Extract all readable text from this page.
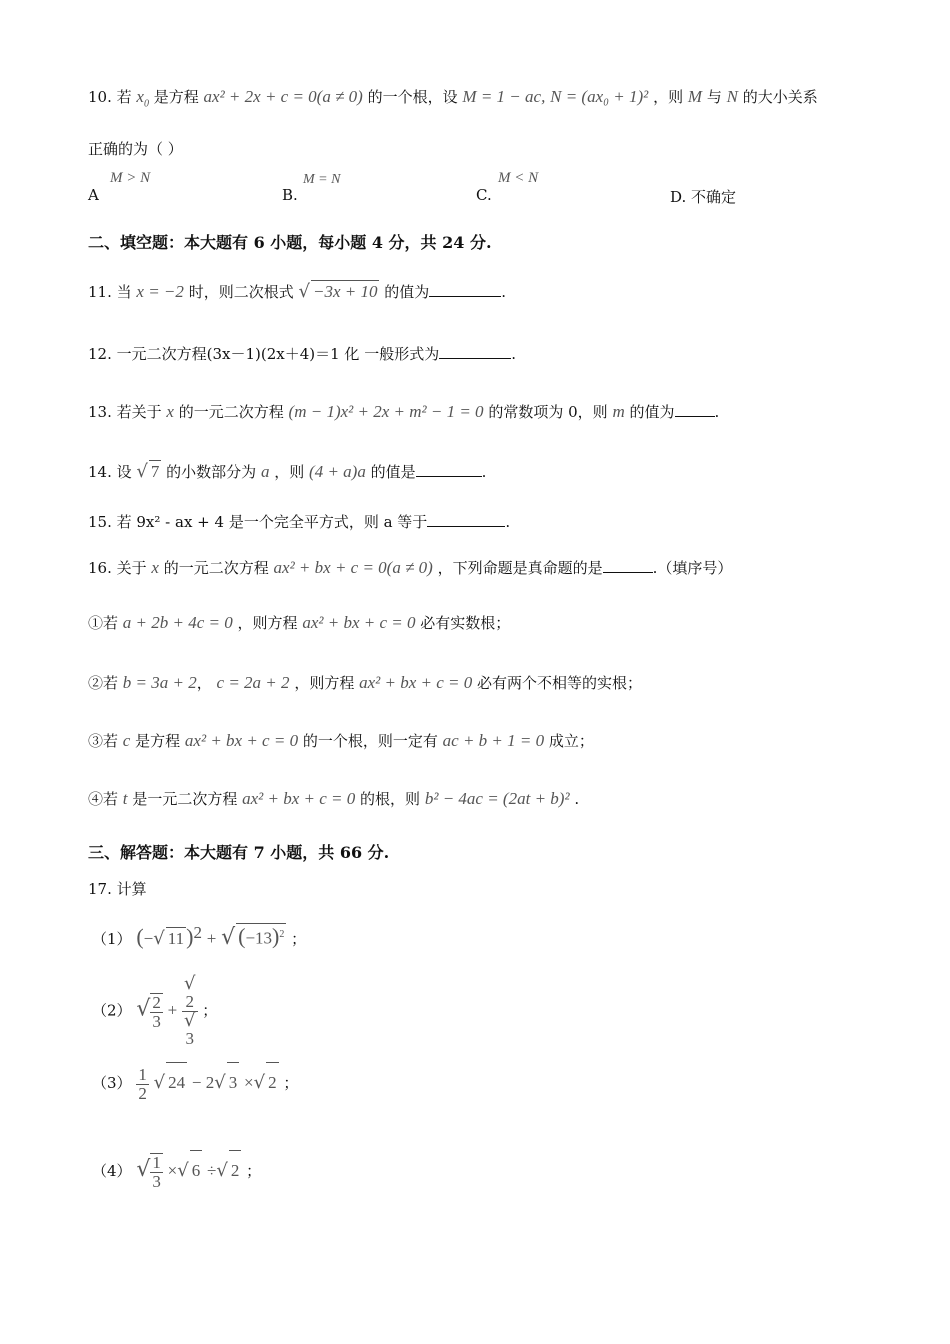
10. 若 $x_0$ 是方程 ax² + 2x + c = 0(a ≠ 0) 的一个根，设 M = 1 − ac, N = (ax₀ + 1)² ，则 M 与 N 的大小关系
正确的为（ ）
A
M > N
B.
M = N
C.
M < N
D. 不确定
二、填空题：本大题有 6 小题，每小题 4 分，共 24 分.
11. 当 x = −2 时，则二次根式 √ −3x + 10 的值为	.
12. 一元二次方程(3x－1)(2x＋4)＝1 化 一般形式为	.
13. 若关于 x 的一元二次方程 (m − 1)x² + 2x + m² − 1 = 0 的常数项为 0，则 m 的值为	.
14. 设 √ 7 的小数部分为 a ，则 (4 + a)a 的值是	.
15. 若 9x² - ax + 4 是一个完全平方式，则 a 等于	.
16. 关于 x 的一元二次方程 ax² + bx + c = 0(a ≠ 0) ，下列命题是真命题的是	.（填序号）
①若 a + 2b + 4c = 0 ，则方程 ax² + bx + c = 0 必有实数根；
②若 b = 3a + 2， c = 2a + 2 ，则方程 ax² + bx + c = 0 必有两个不相等的实根；
③若 c 是方程 ax² + bx + c = 0 的一个根，则一定有 ac + b + 1 = 0 成立；
④若 t 是一元二次方程 ax² + bx + c = 0 的根，则 b² − 4ac = (2at + b)² .
三、解答题：本大题有 7 小题，共 66 分.
17. 计算
（1） (−√ 11)$^2$ + √ $(-13)^2$ ；
（2） √ $\frac{2}{3}$ + √
2
√
3 ；
$(3) \frac{1}{2}$ √ 24 − 2√ 3 ×√ 2 ；
（4） √ $\frac{1}{3}$ ×√ 6 ÷√ 2 ；
